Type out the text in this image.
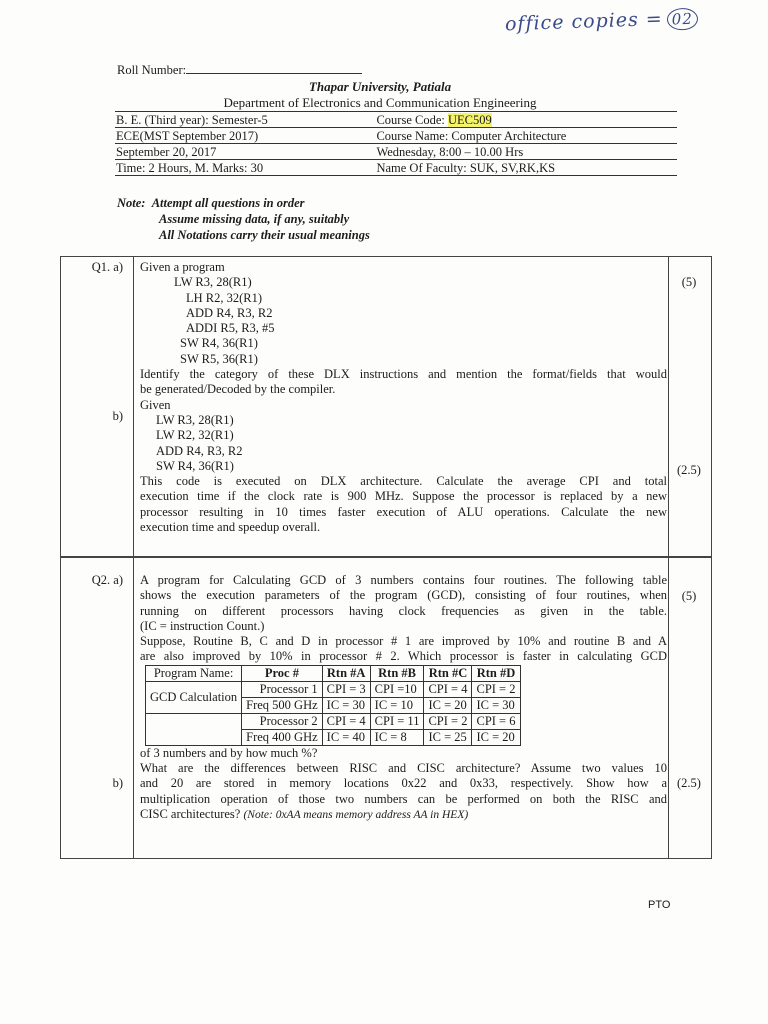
office copies = 02
Roll Number:
Thapar University, Patiala
Department of Electronics and Communication Engineering
B. E. (Third year): Semester-5	Course Code: UEC509
ECE(MST September 2017)	Course Name: Computer Architecture
September 20, 2017	Wednesday, 8:00 – 10.00 Hrs
Time: 2 Hours, M. Marks: 30	Name Of Faculty: SUK, SV,RK,KS
Note: Attempt all questions in order
Assume missing data, if any, suitably
All Notations carry their usual meanings
Q1. a)
b)
(5)
(2.5)
Given a program
LW R3, 28(R1)
LH R2, 32(R1)
ADD R4, R3, R2
ADDI R5, R3, #5
SW R4, 36(R1)
SW R5, 36(R1)
Identify the category of these DLX instructions and mention the format/fields that would
be generated/Decoded by the compiler.
Given
LW R3, 28(R1)
LW R2, 32(R1)
ADD R4, R3, R2
SW R4, 36(R1)
This code is executed on DLX architecture. Calculate the average CPI and total
execution time if the clock rate is 900 MHz. Suppose the processor is replaced by a new
processor resulting in 10 times faster execution of ALU operations. Calculate the new
execution time and speedup overall.
Q2. a)
b)
(5)
(2.5)
A program for Calculating GCD of 3 numbers contains four routines. The following table
shows the execution parameters of the program (GCD), consisting of four routines, when
running on different processors having clock frequencies as given in the table.
(IC = instruction Count.)
Suppose, Routine B, C and D in processor # 1 are improved by 10% and routine B and A
are also improved by 10% in processor # 2. Which processor is faster in calculating GCD
Program Name:	Proc #	Rtn #A	Rtn #B	Rtn #C	Rtn #D
GCD Calculation	Processor 1	CPI = 3	CPI =10	CPI = 4	CPI = 2
	Freq 500 GHz	IC = 30	IC = 10	IC = 20	IC = 30
	Processor 2	CPI = 4	CPI = 11	CPI = 2	CPI = 6
	Freq 400 GHz	IC = 40	IC = 8	IC = 25	IC = 20
of 3 numbers and by how much %?
What are the differences between RISC and CISC architecture? Assume two values 10
and 20 are stored in memory locations 0x22 and 0x33, respectively. Show how a
multiplication operation of those two numbers can be performed on both the RISC and
CISC architectures? (Note: 0xAA means memory address AA in HEX)
PTO
